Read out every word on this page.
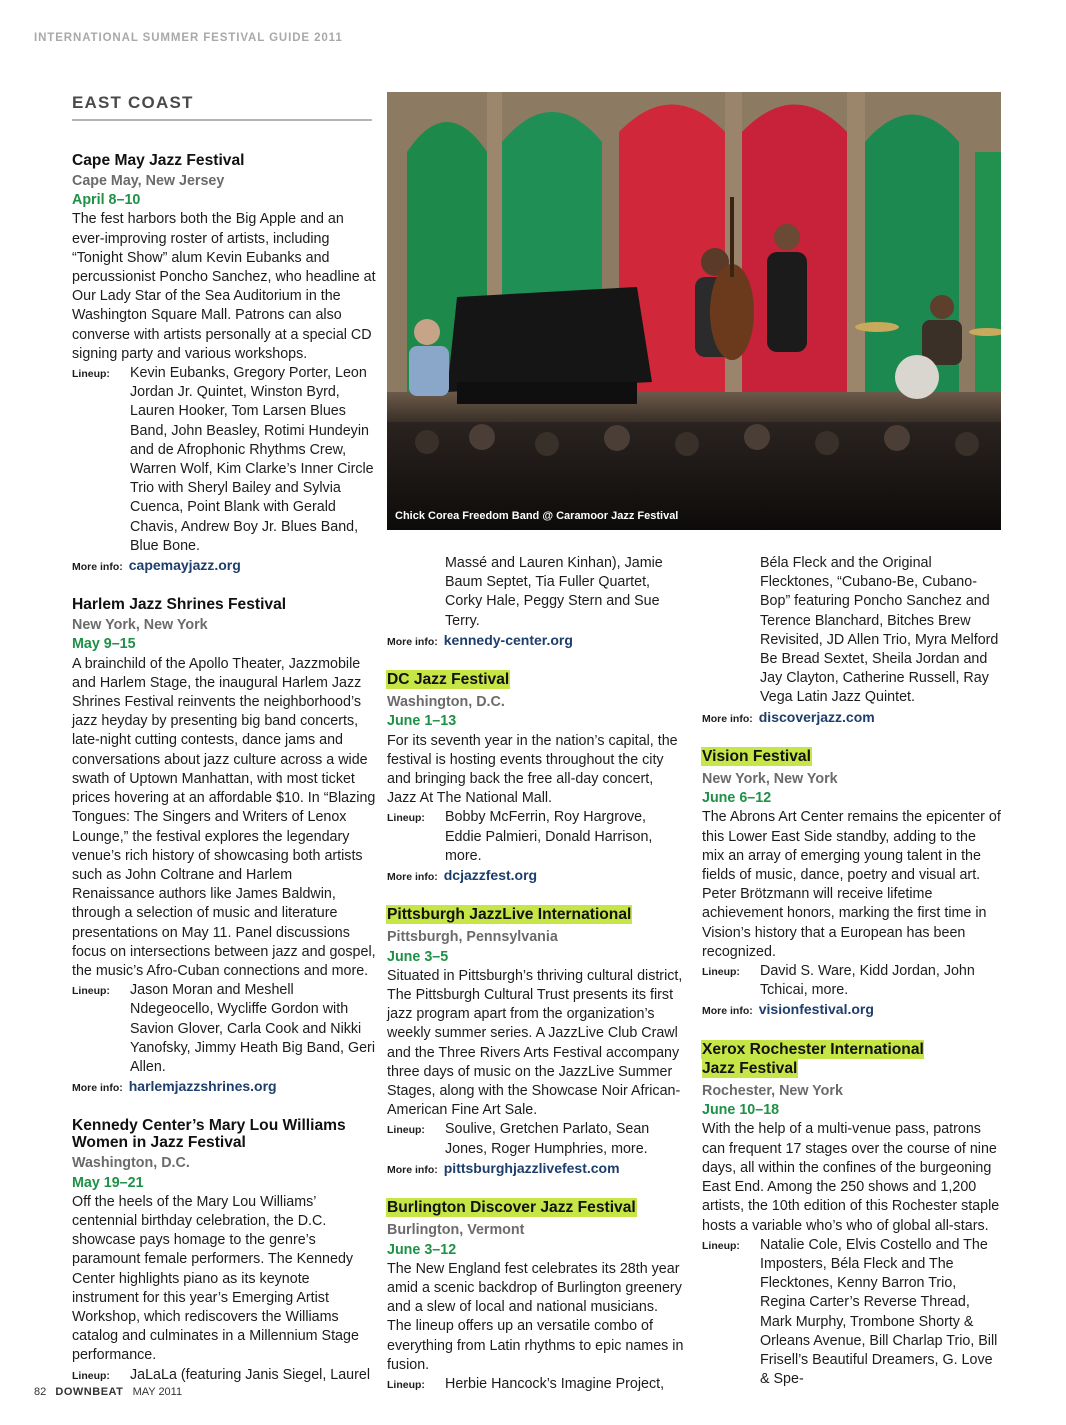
INTERNATIONAL SUMMER FESTIVAL GUIDE 2011
EAST COAST
Chick Corea Freedom Band @ Caramoor Jazz Festival
Cape May Jazz Festival
Cape May, New Jersey
April 8–10
The fest harbors both the Big Apple and an ever-improving roster of artists, including “Tonight Show” alum Kevin Eubanks and percussionist Poncho Sanchez, who headline at Our Lady Star of the Sea Auditorium in the Washington Square Mall. Patrons can also converse with artists personally at a special CD signing party and various workshops.
Lineup:	Kevin Eubanks, Gregory Porter, Leon Jordan Jr. Quintet, Winston Byrd, Lauren Hooker, Tom Larsen Blues Band, John Beasley, Rotimi Hundeyin and de Afrophonic Rhythms Crew, Warren Wolf, Kim Clarke’s Inner Circle Trio with Sheryl Bailey and Sylvia Cuenca, Point Blank with Gerald Chavis, Andrew Boy Jr. Blues Band, Blue Bone.
More info: capemayjazz.org
Harlem Jazz Shrines Festival
New York, New York
May 9–15
A brainchild of the Apollo Theater, Jazzmobile and Harlem Stage, the inaugural Harlem Jazz Shrines Festival reinvents the neighborhood’s jazz heyday by presenting big band concerts, late-night cutting contests, dance jams and conversations about jazz culture across a wide swath of Uptown Manhattan, with most ticket prices hovering at an affordable $10. In “Blazing Tongues: The Singers and Writers of Lenox Lounge,” the festival explores the legendary venue’s rich history of showcasing both artists such as John Coltrane and Harlem Renaissance authors like James Baldwin, through a selection of music and literature presentations on May 11. Panel discussions focus on intersections between jazz and gospel, the music’s Afro-Cuban connections and more.
Lineup:	Jason Moran and Meshell Ndegeocello, Wycliffe Gordon with Savion Glover, Carla Cook and Nikki Yanofsky, Jimmy Heath Big Band, Geri Allen.
More info: harlemjazzshrines.org
Kennedy Center’s Mary Lou Williams Women in Jazz Festival
Washington, D.C.
May 19–21
Off the heels of the Mary Lou Williams’ centennial birthday celebration, the D.C. showcase pays homage to the genre’s paramount female performers. The Kennedy Center highlights piano as its keynote instrument for this year’s Emerging Artist Workshop, which rediscovers the Williams catalog and culminates in a Millennium Stage performance.
Lineup:	JaLaLa (featuring Janis Siegel, Laurel
Massé and Lauren Kinhan), Jamie Baum Septet, Tia Fuller Quartet, Corky Hale, Peggy Stern and Sue Terry.
More info: kennedy-center.org
DC Jazz Festival
Washington, D.C.
June 1–13
For its seventh year in the nation’s capital, the festival is hosting events throughout the city and bringing back the free all-day concert, Jazz At The National Mall.
Lineup:	Bobby McFerrin, Roy Hargrove, Eddie Palmieri, Donald Harrison, more.
More info: dcjazzfest.org
Pittsburgh JazzLive International
Pittsburgh, Pennsylvania
June 3–5
Situated in Pittsburgh’s thriving cultural district, The Pittsburgh Cultural Trust presents its first jazz program apart from the organization’s weekly summer series. A JazzLive Club Crawl and the Three Rivers Arts Festival accompany three days of music on the JazzLive Summer Stages, along with the Showcase Noir African-American Fine Art Sale.
Lineup:	Soulive, Gretchen Parlato, Sean Jones, Roger Humphries, more.
More info: pittsburghjazzlivefest.com
Burlington Discover Jazz Festival
Burlington, Vermont
June 3–12
The New England fest celebrates its 28th year amid a scenic backdrop of Burlington greenery and a slew of local and national musicians. The lineup offers up an versatile combo of everything from Latin rhythms to epic names in fusion.
Lineup:	Herbie Hancock’s Imagine Project,
Béla Fleck and the Original Flecktones, “Cubano-Be, Cubano-Bop” featuring Poncho Sanchez and Terence Blanchard, Bitches Brew Revisited, JD Allen Trio, Myra Melford Be Bread Sextet, Sheila Jordan and Jay Clayton, Catherine Russell, Ray Vega Latin Jazz Quintet.
More info: discoverjazz.com
Vision Festival
New York, New York
June 6–12
The Abrons Art Center remains the epicenter of this Lower East Side standby, adding to the mix an array of emerging young talent in the fields of music, dance, poetry and visual art. Peter Brötzmann will receive lifetime achievement honors, marking the first time in Vision’s history that a European has been recognized.
Lineup:	David S. Ware, Kidd Jordan, John Tchicai, more.
More info: visionfestival.org
Xerox Rochester International Jazz Festival
Rochester, New York
June 10–18
With the help of a multi-venue pass, patrons can frequent 17 stages over the course of nine days, all within the confines of the burgeoning East End. Among the 250 shows and 1,200 artists, the 10th edition of this Rochester staple hosts a variable who’s who of global all-stars.
Lineup:	Natalie Cole, Elvis Costello and The Imposters, Béla Fleck and The Flecktones, Kenny Barron Trio, Regina Carter’s Reverse Thread, Mark Murphy, Trombone Shorty & Orleans Avenue, Bill Charlap Trio, Bill Frisell’s Beautiful Dreamers, G. Love & Spe-
82 DOWNBEAT MAY 2011
